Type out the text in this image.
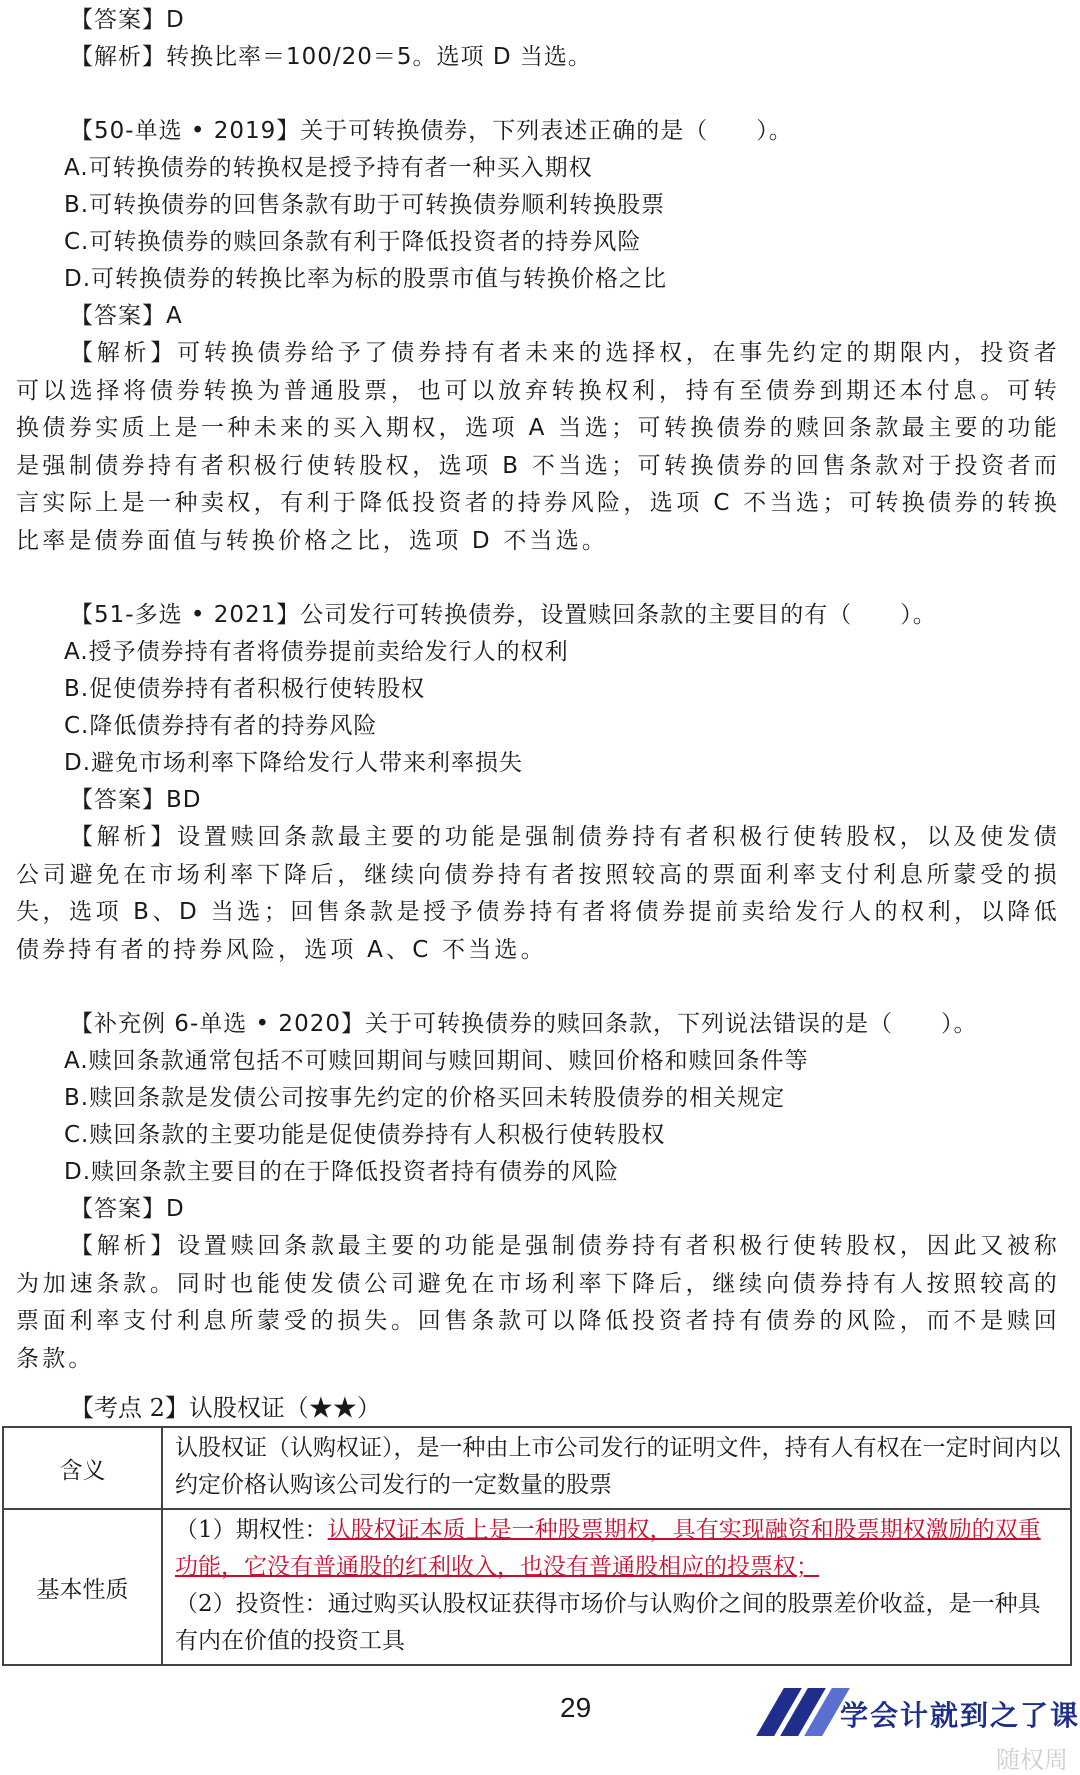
【答案】D
【解析】转换比率＝100/20＝5。选项 D 当选。
【50-单选 • 2019】关于可转换债券，下列表述正确的是（　　）。
A.可转换债券的转换权是授予持有者一种买入期权
B.可转换债券的回售条款有助于可转换债券顺利转换股票
C.可转换债券的赎回条款有利于降低投资者的持券风险
D.可转换债券的转换比率为标的股票市值与转换价格之比
【答案】A
【解析】可转换债券给予了债券持有者未来的选择权，在事先约定的期限内，投资者可以选择将债券转换为普通股票，也可以放弃转换权利，持有至债券到期还本付息。可转换债券实质上是一种未来的买入期权，选项 A 当选；可转换债券的赎回条款最主要的功能是强制债券持有者积极行使转股权，选项 B 不当选；可转换债券的回售条款对于投资者而言实际上是一种卖权，有利于降低投资者的持券风险，选项 C 不当选；可转换债券的转换比率是债券面值与转换价格之比，选项 D 不当选。
【51-多选 • 2021】公司发行可转换债券，设置赎回条款的主要目的有（　　）。
A.授予债券持有者将债券提前卖给发行人的权利
B.促使债券持有者积极行使转股权
C.降低债券持有者的持券风险
D.避免市场利率下降给发行人带来利率损失
【答案】BD
【解析】设置赎回条款最主要的功能是强制债券持有者积极行使转股权，以及使发债公司避免在市场利率下降后，继续向债券持有者按照较高的票面利率支付利息所蒙受的损失，选项 B、D 当选；回售条款是授予债券持有者将债券提前卖给发行人的权利，以降低债券持有者的持券风险，选项 A、C 不当选。
【补充例 6-单选 • 2020】关于可转换债券的赎回条款，下列说法错误的是（　　）。
A.赎回条款通常包括不可赎回期间与赎回期间、赎回价格和赎回条件等
B.赎回条款是发债公司按事先约定的价格买回未转股债券的相关规定
C.赎回条款的主要功能是促使债券持有人积极行使转股权
D.赎回条款主要目的在于降低投资者持有债券的风险
【答案】D
【解析】设置赎回条款最主要的功能是强制债券持有者积极行使转股权，因此又被称为加速条款。同时也能使发债公司避免在市场利率下降后，继续向债券持有人按照较高的票面利率支付利息所蒙受的损失。回售条款可以降低投资者持有债券的风险，而不是赎回条款。
【考点 2】认股权证（★★）
含义	认股权证（认购权证），是一种由上市公司发行的证明文件，持有人有权在一定时间内以约定价格认购该公司发行的一定数量的股票
基本性质	（1）期权性：认股权证本质上是一种股票期权，具有实现融资和股票期权激励的双重功能，它没有普通股的红利收入，也没有普通股相应的投票权；
（2）投资性：通过购买认股权证获得市场价与认购价之间的股票差价收益，是一种具有内在价值的投资工具
29	学会计就到之了课
随权周
